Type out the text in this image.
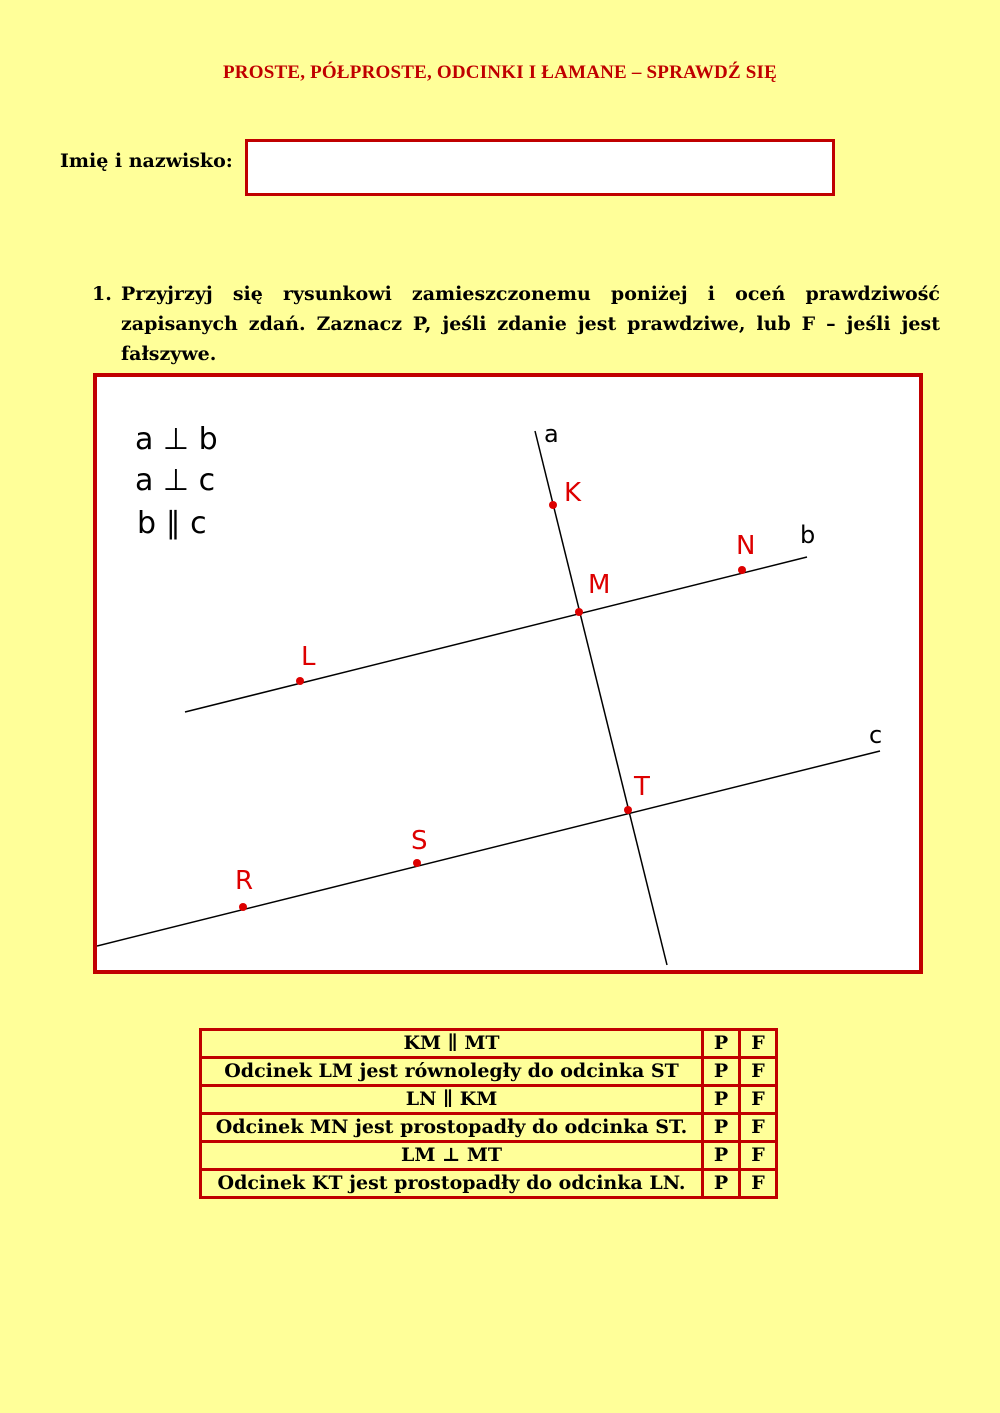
PROSTE, PÓŁPROSTE, ODCINKI I ŁAMANE – SPRAWDŹ SIĘ
Imię i nazwisko:
1. Przyjrzyj się rysunkowi zamieszczonemu poniżej i oceń prawdziwość zapisanych zdań. Zaznacz P, jeśli zdanie jest prawdziwe, lub F – jeśli jest fałszywe.
a ⊥ b
a ⊥ c
b ∥ c
a
b
c
K
M
N
L
T
S
R
KM ∥ MT	P	F
Odcinek LM jest równoległy do odcinka ST	P	F
LN ∥ KM	P	F
Odcinek MN jest prostopadły do odcinka ST.	P	F
LM ⊥ MT	P	F
Odcinek KT jest prostopadły do odcinka LN.	P	F
